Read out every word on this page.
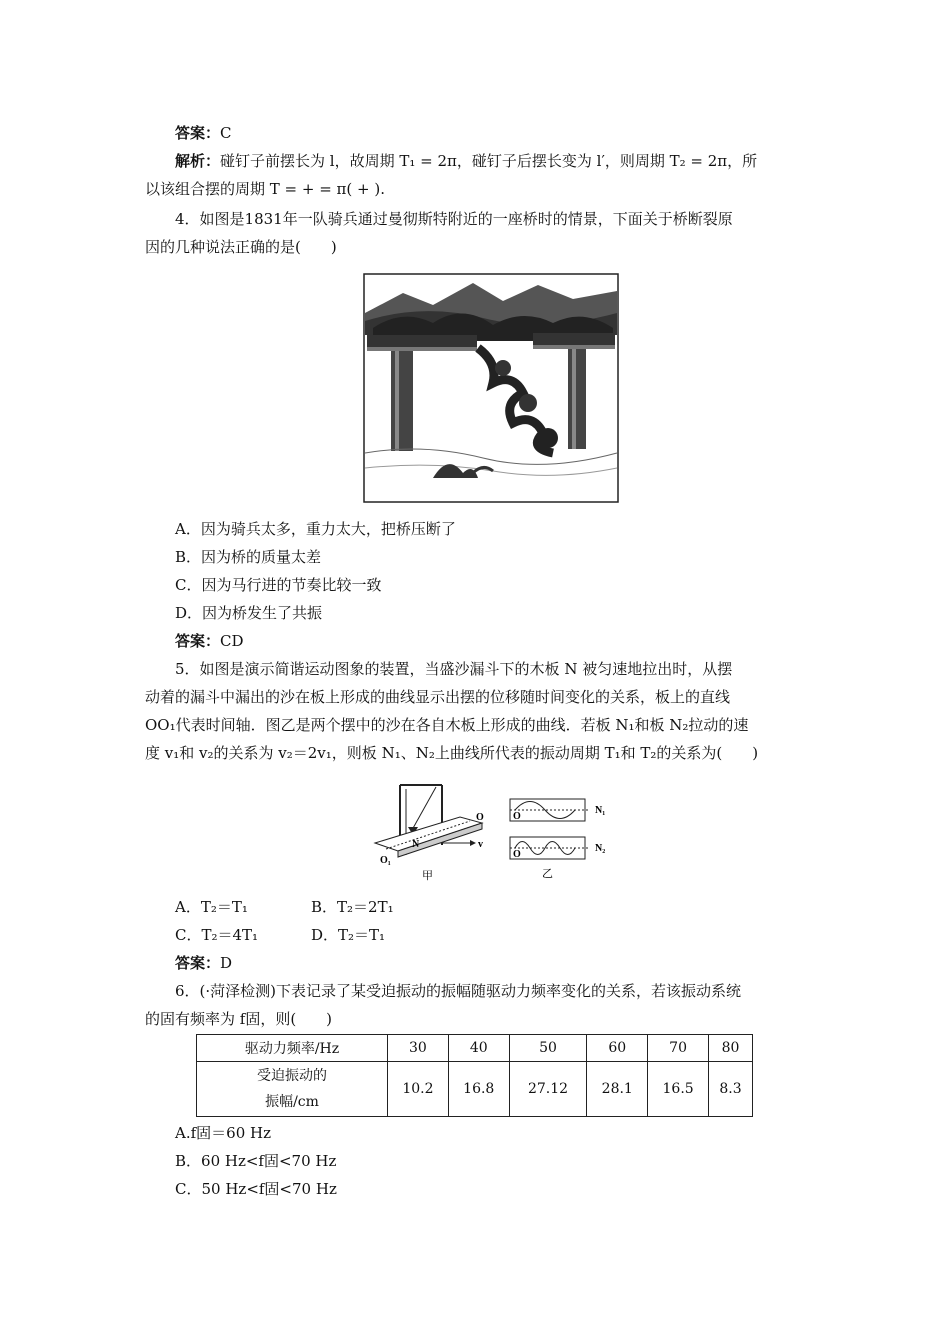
答案：C
解析：碰钉子前摆长为 l，故周期 T₁ = 2π，碰钉子后摆长变为 l′，则周期 T₂ = 2π，所
以该组合摆的周期 T = + = π( + ).
4．如图是1831年一队骑兵通过曼彻斯特附近的一座桥时的情景，下面关于桥断裂原
因的几种说法正确的是(　　)
A．因为骑兵太多，重力太大，把桥压断了
B．因为桥的质量太差
C．因为马行进的节奏比较一致
D．因为桥发生了共振
答案：CD
5．如图是演示简谐运动图象的装置，当盛沙漏斗下的木板 N 被匀速地拉出时，从摆
动着的漏斗中漏出的沙在板上形成的曲线显示出摆的位移随时间变化的关系，板上的直线
OO₁代表时间轴．图乙是两个摆中的沙在各自木板上形成的曲线．若板 N₁和板 N₂拉动的速
度 v₁和 v₂的关系为 v₂＝2v₁，则板 N₁、N₂上曲线所代表的振动周期 T₁和 T₂的关系为(　　)
O
O₁
N	v
甲
O
N₁
O
N₂
乙
A．T₂＝T₁	B．T₂＝2T₁
C．T₂＝4T₁	D．T₂＝T₁
答案：D
6．(·菏泽检测)下表记录了某受迫振动的振幅随驱动力频率变化的关系，若该振动系统
的固有频率为 f固，则(　　)
驱动力频率/Hz	30	40	50	60	70	80
受迫振动的
振幅/cm	10.2	16.8	27.12	28.1	16.5	8.3
A.f固＝60 Hz
B．60 Hz<f固<70 Hz
C．50 Hz<f固<70 Hz
